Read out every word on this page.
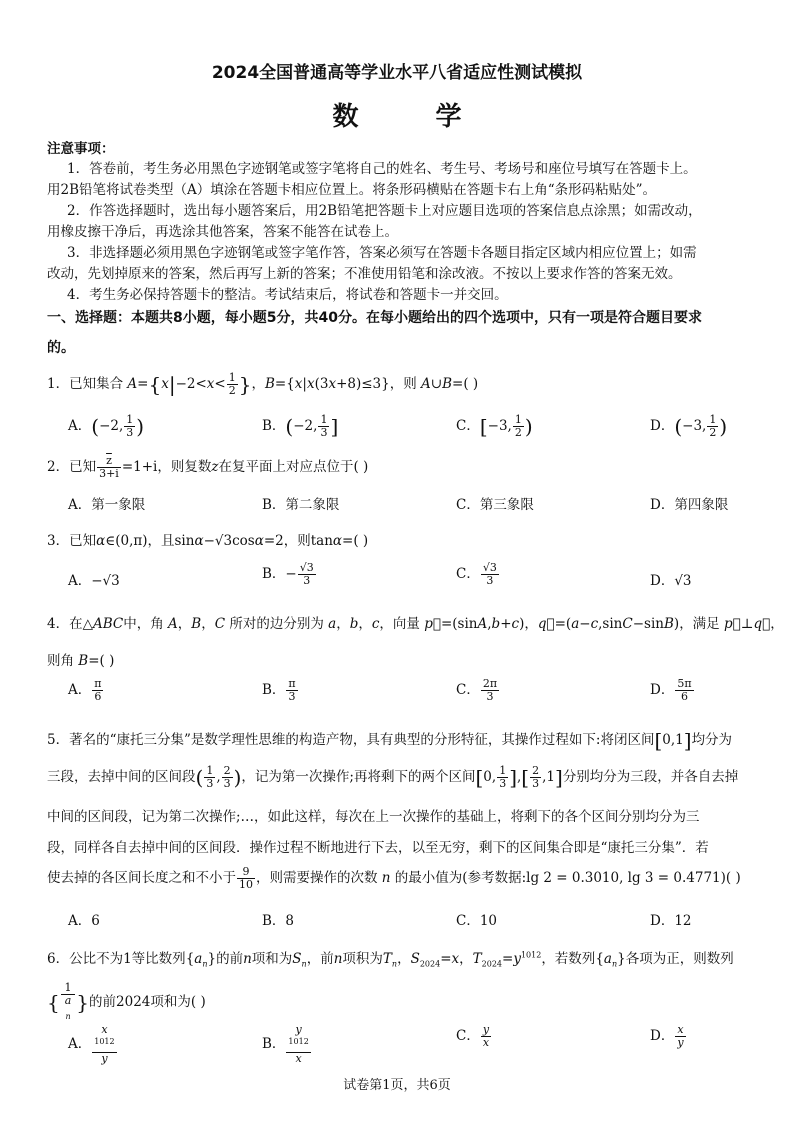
2024全国普通高等学业水平八省适应性测试模拟
数 学
注意事项：
1．答卷前，考生务必用黑色字迹钢笔或签字笔将自己的姓名、考生号、考场号和座位号填写在答题卡上。
用2B铅笔将试卷类型（A）填涂在答题卡相应位置上。将条形码横贴在答题卡右上角“条形码粘贴处”。
2．作答选择题时，选出每小题答案后，用2B铅笔把答题卡上对应题目选项的答案信息点涂黑；如需改动，
用橡皮擦干净后，再选涂其他答案，答案不能答在试卷上。
3．非选择题必须用黑色字迹钢笔或签字笔作答，答案必须写在答题卡各题目指定区域内相应位置上；如需
改动，先划掉原来的答案，然后再写上新的答案；不准使用铅笔和涂改液。不按以上要求作答的答案无效。
4．考生务必保持答题卡的整洁。考试结束后，将试卷和答题卡一并交回。
一、选择题：本题共8小题，每小题5分，共40分。在每小题给出的四个选项中，只有一项是符合题目要求
的。
1．已知集合 $A=\{x|-2<x< \frac{1}{2}$ }，B={x|x(3x+8)≤3}，则 A∪B=( )
A．(−2, $\frac{1}{3}$ )	B．(−2, $\frac{1}{3}$ ]	C．[−3, $\frac{1}{2}$ )	D．(−3, $\frac{1}{2}$ )
2．已知 $\frac{\overline{z}}{3+i} =1+i$，则复数z在复平面上对应点位于( )
A．第一象限	B．第二象限	C．第三象限	D．第四象限
3．已知α∈(0,π)，且sinα−√3cosα=2，则tanα=( )
A．−√3	B．− $\frac{√3}{3}$	C． $\frac{√3}{3}$	D．√3
4．在△ABC中，角 A，B，C 所对的边分别为 a，b，c，向量 p⃗=(sinA,b+c)，q⃗=(a−c,sinC−sinB)，满足 p⃗⊥q⃗，
则角 B=( )
A． $\frac{\pi}{6}$	B． $\frac{\pi}{3}$	C． $\frac{2\pi}{3}$	D． $\frac{5\pi}{6}$
5．著名的“康托三分集”是数学理性思维的构造产物，具有典型的分形特征，其操作过程如下:将闭区间[0,1]均分为
三段，去掉中间的区间段( $\frac{1}{3}$ , $\frac{2}{3}$ )，记为第一次操作;再将剩下的两个区间[0, $\frac{1}{3}$ ],[ $\frac{2}{3} ,1$]分别均分为三段，并各自去掉
中间的区间段，记为第二次操作;…，如此这样，每次在上一次操作的基础上，将剩下的各个区间分别均分为三
段，同样各自去掉中间的区间段．操作过程不断地进行下去，以至无穷，剩下的区间集合即是“康托三分集”．若
使去掉的各区间长度之和不小于 $\frac{9}{10}$ ，则需要操作的次数 n 的最小值为(参考数据:lg 2 = 0.3010, lg 3 = 0.4771)( )
A．6	B．8	C．10	D．12
6．公比不为1等比数列$\{a_n\}$的前n项和为$S_n$，前n项积为$T_n$，$S_{2024}=x$，$T_{2024}=y^{1012}$，若数列$\{a_n\}$各项为正，则数列
{ 1
a
$_n$ }的前2024项和为( )
A． x
$^{1012}$
y	B． y
$^{1012}$
x	C． $\frac{y}{x}$	D． $\frac{x}{y}$
试卷第1页，共6页
